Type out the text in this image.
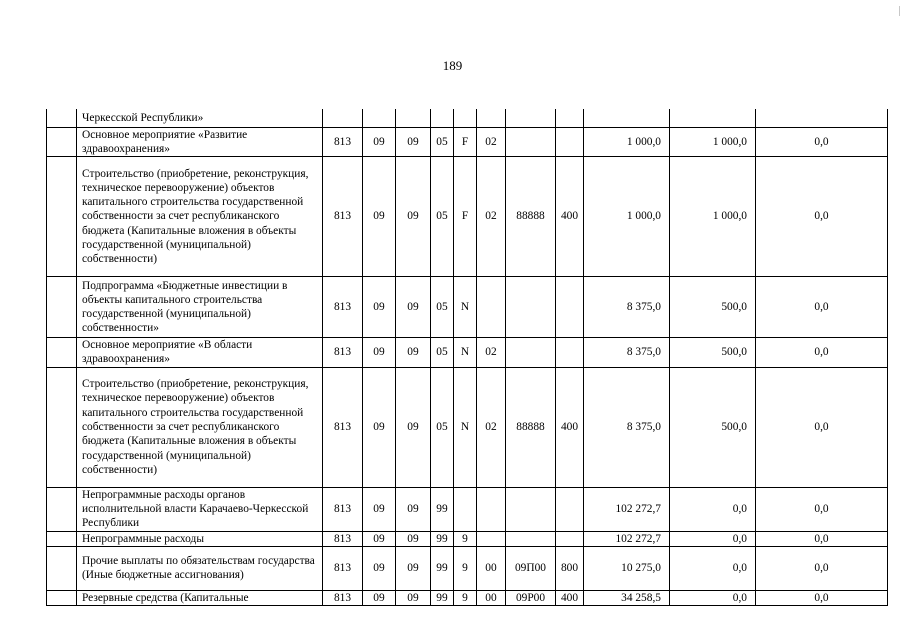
189
	Черкесской Республики»											
	Основное мероприятие «Развитие здравоохранения»	813	09	09	05	F	02			1 000,0	1 000,0	0,0
	Строительство (приобретение, реконструкция, техническое перевооружение) объектов капитального строительства государственной собственности за счет республиканского бюджета (Капитальные вложения в объекты государственной (муниципальной) собственности)	813	09	09	05	F	02	88888	400	1 000,0	1 000,0	0,0
	Подпрограмма «Бюджетные инвестиции в объекты капитального строительства государственной (муниципальной) собственности»	813	09	09	05	N				8 375,0	500,0	0,0
	Основное мероприятие «В области здравоохранения»	813	09	09	05	N	02			8 375,0	500,0	0,0
	Строительство (приобретение, реконструкция, техническое перевооружение) объектов капитального строительства государственной собственности за счет республиканского бюджета (Капитальные вложения в объекты государственной (муниципальной) собственности)	813	09	09	05	N	02	88888	400	8 375,0	500,0	0,0
	Непрограммные расходы органов исполнительной власти Карачаево-Черкесской Республики	813	09	09	99					102 272,7	0,0	0,0
	Непрограммные расходы	813	09	09	99	9				102 272,7	0,0	0,0
	Прочие выплаты по обязательствам государства (Иные бюджетные ассигнования)	813	09	09	99	9	00	09П00	800	10 275,0	0,0	0,0
	Резервные средства (Капитальные	813	09	09	99	9	00	09Р00	400	34 258,5	0,0	0,0
